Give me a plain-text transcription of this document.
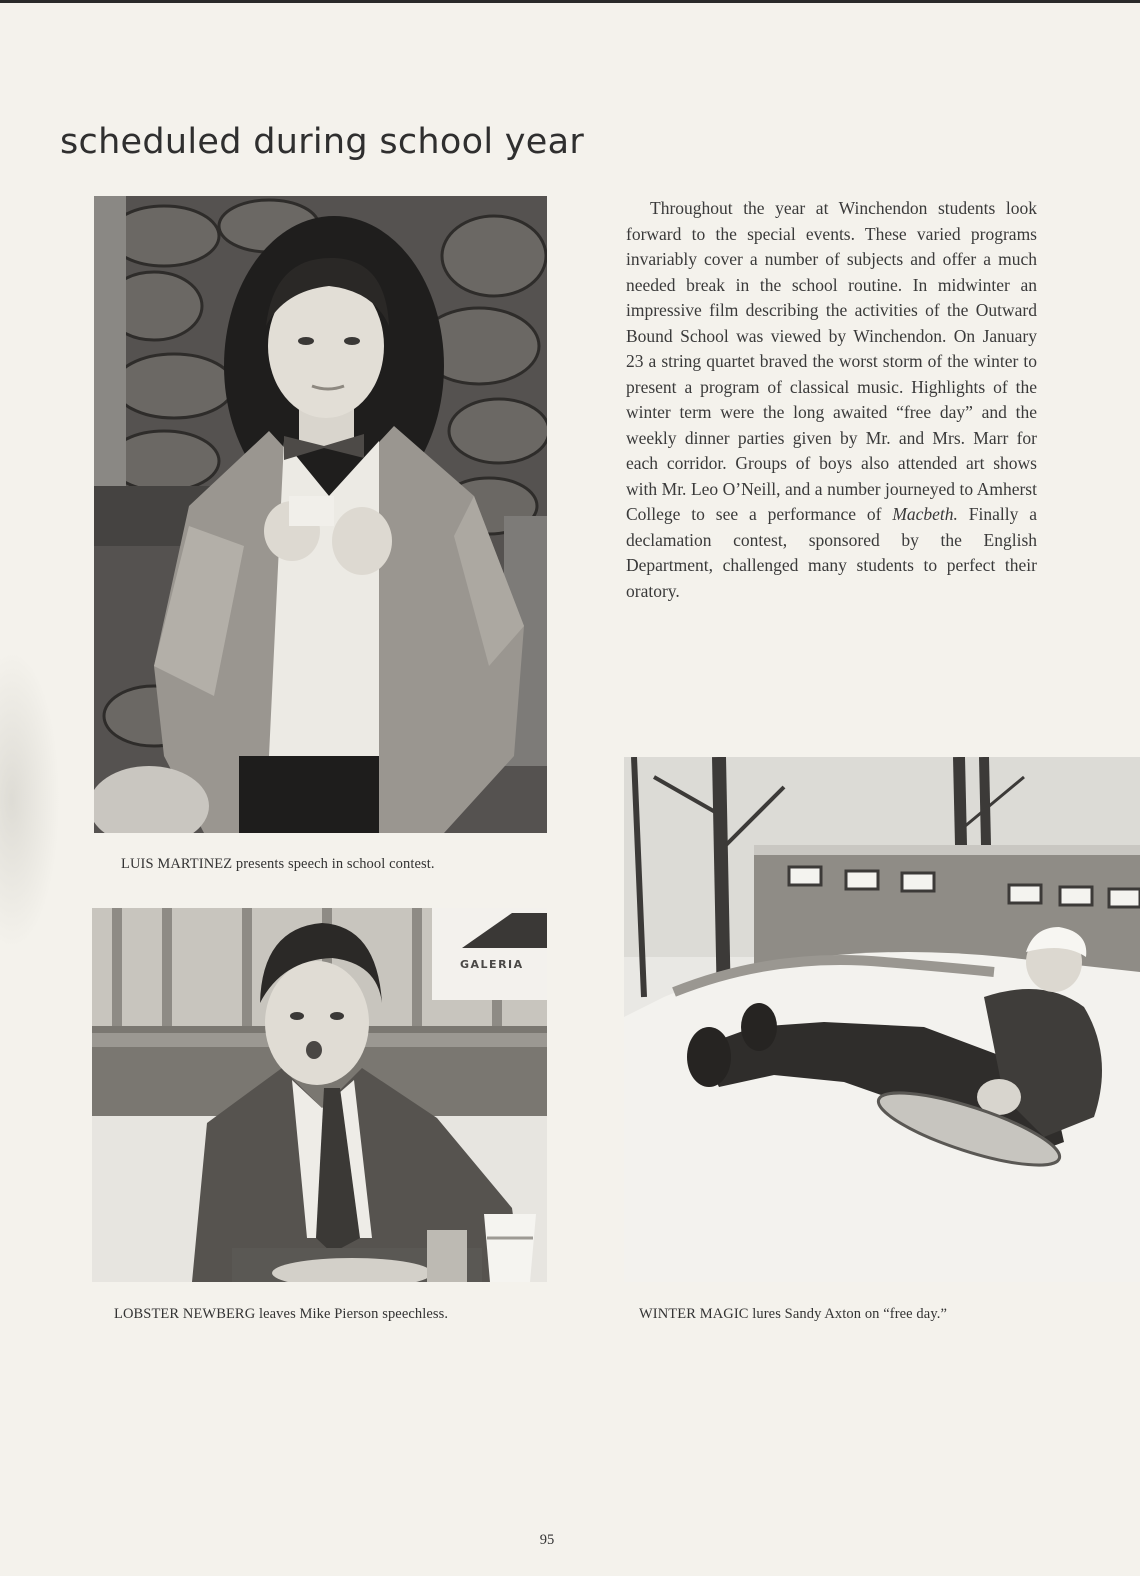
scheduled during school year

Throughout the year at Winchendon students look forward to the special events. These varied programs invariably cover a number of subjects and offer a much needed break in the school routine. In midwinter an impressive film describing the activities of the Outward Bound School was viewed by Winchendon. On January 23 a string quartet braved the worst storm of the winter to present a program of classical music. Highlights of the winter term were the long awaited “free day” and the weekly dinner parties given by Mr. and Mrs. Marr for each corridor. Groups of boys also attended art shows with Mr. Leo O’Neill, and a number journeyed to Amherst College to see a performance of Macbeth. Finally a declamation contest, sponsored by the English Department, challenged many students to perfect their oratory.

LUIS MARTINEZ presents speech in school contest.
GALERIA
LOBSTER NEWBERG leaves Mike Pierson speechless.	WINTER MAGIC lures Sandy Axton on “free day.”
95
